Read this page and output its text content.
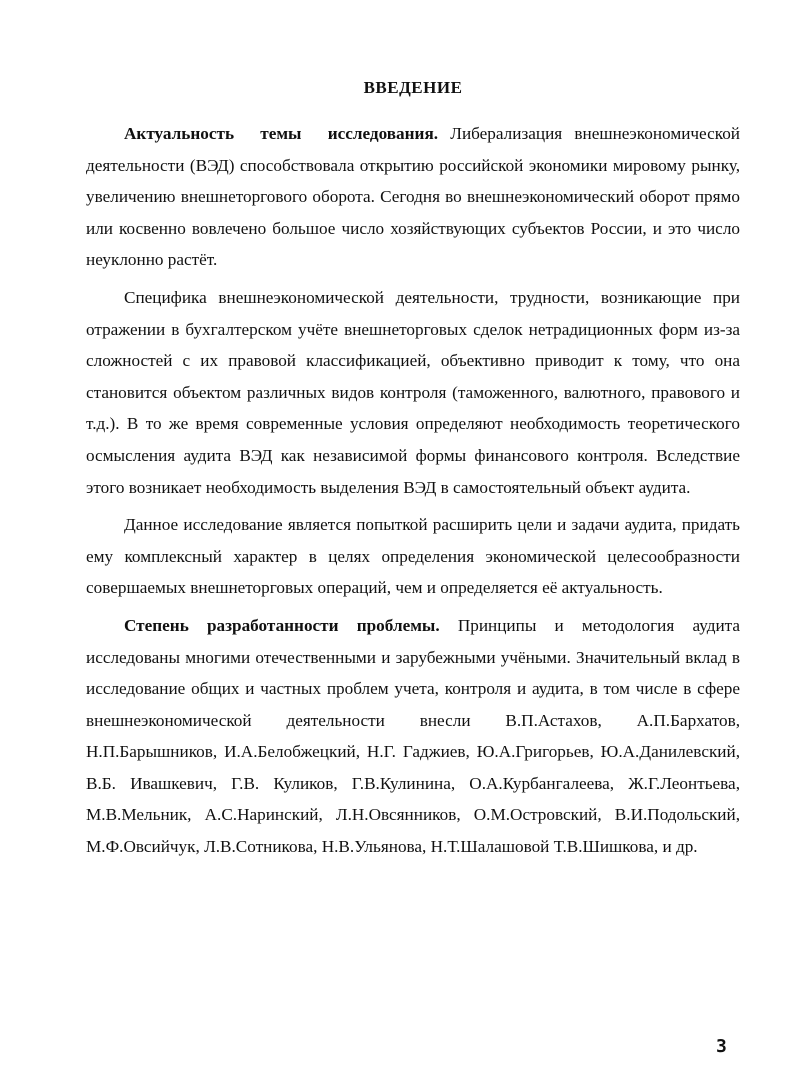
ВВЕДЕНИЕ

Актуальность темы исследования. Либерализация внешнеэкономической деятельности (ВЭД) способствовала открытию российской экономики мировому рынку, увеличению внешнеторгового оборота. Сегодня во внешнеэкономический оборот прямо или косвенно вовлечено большое число хозяйствующих субъектов России, и это число неуклонно растёт.

Специфика внешнеэкономической деятельности, трудности, возникающие при отражении в бухгалтерском учёте внешнеторговых сделок нетрадиционных форм из-за сложностей с их правовой классификацией, объективно приводит к тому, что она становится объектом различных видов контроля (таможенного, валютного, правового и т.д.). В то же время современные условия определяют необходимость теоретического осмысления аудита ВЭД как независимой формы финансового контроля. Вследствие этого возникает необходимость выделения ВЭД в самостоятельный объект аудита.

Данное исследование является попыткой расширить цели и задачи аудита, придать ему комплексный характер в целях определения экономической целесообразности совершаемых внешнеторговых операций, чем и определяется её актуальность.

Степень разработанности проблемы. Принципы и методология аудита исследованы многими отечественными и зарубежными учёными. Значительный вклад в исследование общих и частных проблем учета, контроля и аудита, в том числе в сфере внешнеэкономической деятельности внесли В.П.Астахов, А.П.Бархатов, Н.П.Барышников, И.А.Белобжецкий, Н.Г. Гаджиев, Ю.А.Григорьев, Ю.А.Данилевский, В.Б. Ивашкевич, Г.В. Куликов, Г.В.Кулинина, О.А.Курбангалеева, Ж.Г.Леонтьева, М.В.Мельник, А.С.Наринский, Л.Н.Овсянников, О.М.Островский, В.И.Подольский, М.Ф.Овсийчук, Л.В.Сотникова, Н.В.Ульянова, Н.Т.Шалашовой Т.В.Шишкова, и др.

3
